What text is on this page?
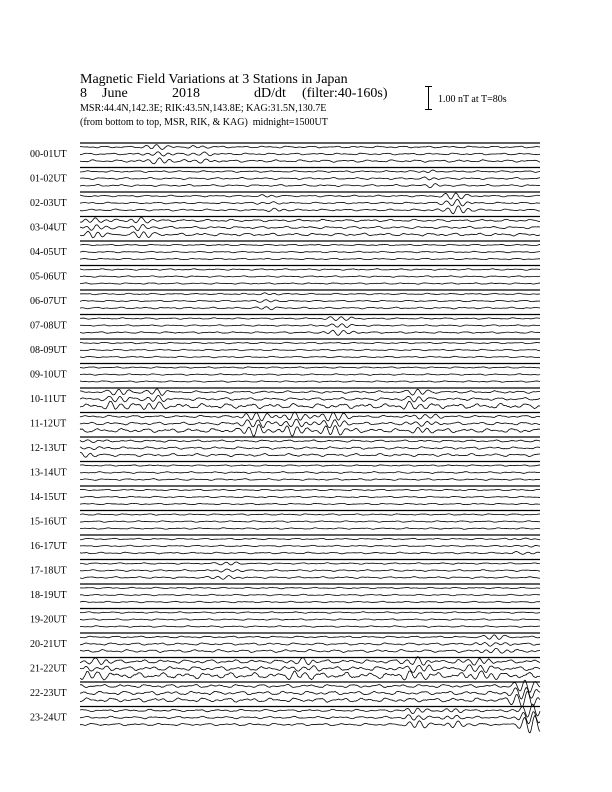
Magnetic Field Variations at 3 Stations in Japan
8 June	2018	dD/dt (filter:40-160s)
MSR:44.4N,142.3E; RIK:43.5N,143.8E; KAG:31.5N,130.7E
(from bottom to top, MSR, RIK, & KAG) midnight=1500UT
1.00 nT at T=80s
00-01UT
01-02UT
02-03UT
03-04UT
04-05UT
05-06UT
06-07UT
07-08UT
08-09UT
09-10UT
10-11UT
11-12UT
12-13UT
13-14UT
14-15UT
15-16UT
16-17UT
17-18UT
18-19UT
19-20UT
20-21UT
21-22UT
22-23UT
23-24UT
